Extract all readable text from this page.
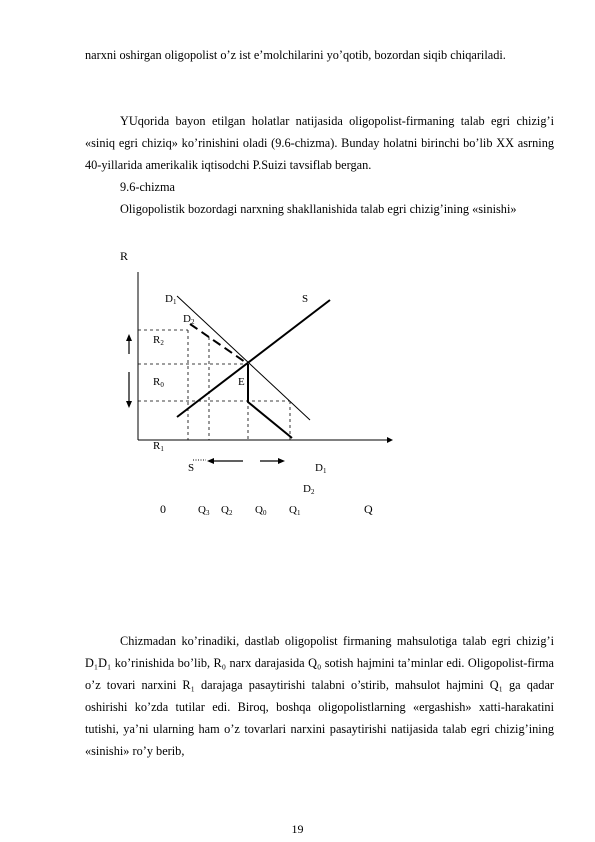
narxni oshirgan oligopolist o’z ist e’molchilarini yo’qotib, bozordan siqib chiqariladi.

YUqorida bayon etilgan holatlar natijasida oligopolist-firmaning talab egri chizig’i «siniq egri chiziq» ko’rinishini oladi (9.6-chizma). Bunday holatni birinchi bo’lib XX asrning 40-yillarida amerikalik iqtisodchi P.Suizi tavsiflab bergan.

9.6-chizma

Oligopolistik bozordagi narxning shakllanishida talab egri chizig’ining «sinishi»

R
D1
D2
S
R2
R0	E
R1
S	D1
D2
0	Q3 Q2 Q0 Q1	Q

Chizmadan ko’rinadiki, dastlab oligopolist firmaning mahsulotiga talab egri chizig’i D₁D₁ ko’rinishida bo’lib, R₀ narx darajasida Q₀ sotish hajmini ta’minlar edi. Oligopolist-firma o’z tovari narxini R₁ darajaga pasaytirishi talabni o’stirib, mahsulot hajmini Q₁ ga qadar oshirishi ko’zda tutilar edi. Biroq, boshqa oligopolistlarning «ergashish» xatti-harakatini tutishi, ya’ni ularning ham o’z tovarlari narxini pasaytirishi natijasida talab egri chizig’ining «sinishi» ro’y berib,

19
